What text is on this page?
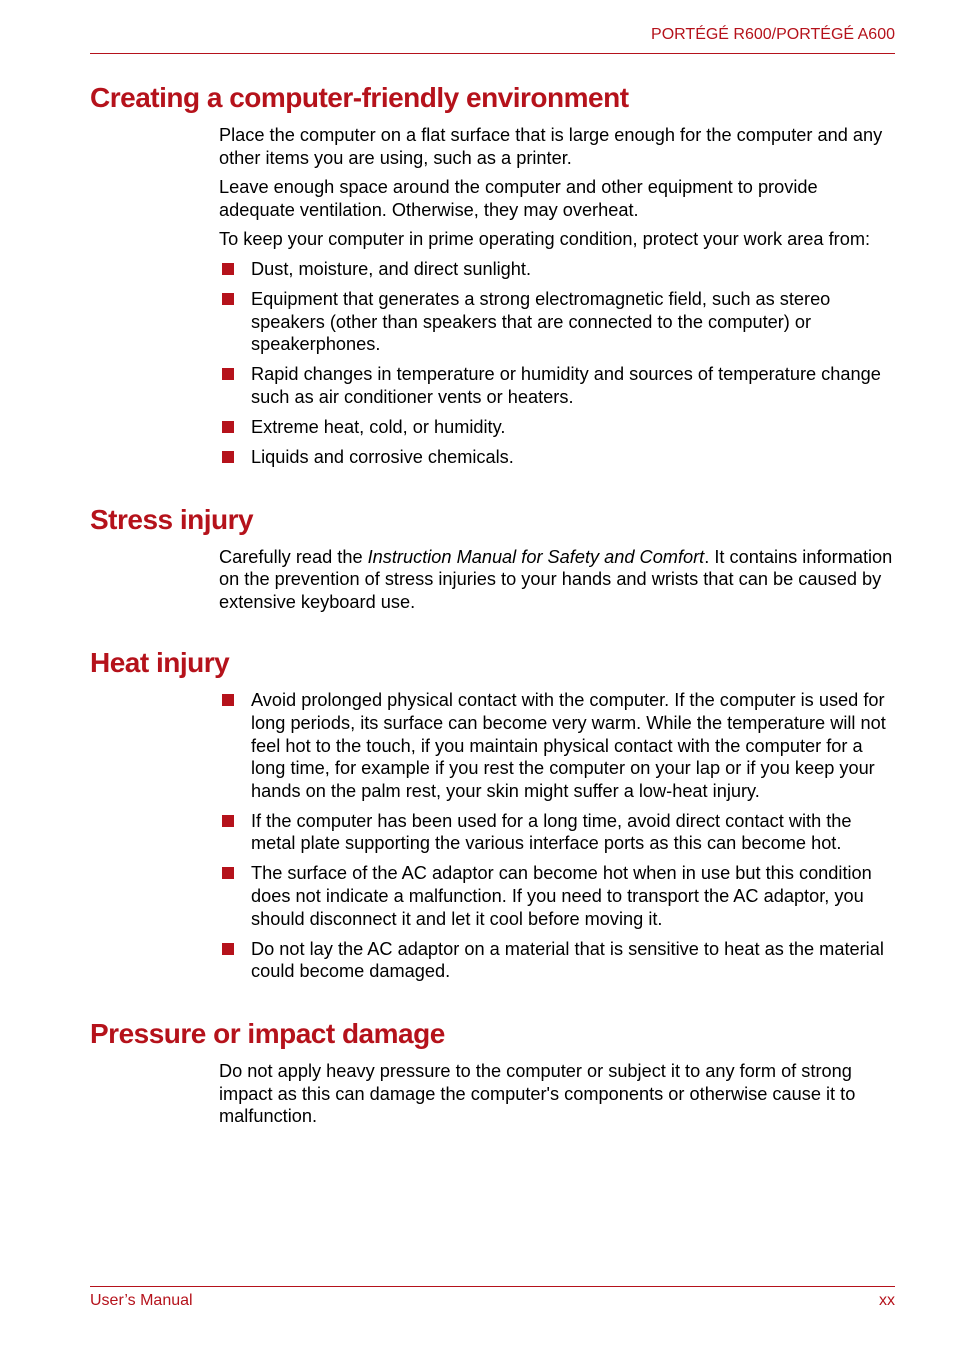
PORTÉGÉ R600/PORTÉGÉ A600
Creating a computer-friendly environment

Place the computer on a flat surface that is large enough for the computer and any other items you are using, such as a printer.

Leave enough space around the computer and other equipment to provide adequate ventilation. Otherwise, they may overheat.

To keep your computer in prime operating condition, protect your work area from:

Dust, moisture, and direct sunlight.
Equipment that generates a strong electromagnetic field, such as stereo speakers (other than speakers that are connected to the computer) or speakerphones.
Rapid changes in temperature or humidity and sources of temperature change such as air conditioner vents or heaters.
Extreme heat, cold, or humidity.
Liquids and corrosive chemicals.
Stress injury

Carefully read the Instruction Manual for Safety and Comfort. It contains information on the prevention of stress injuries to your hands and wrists that can be caused by extensive keyboard use.

Heat injury
Avoid prolonged physical contact with the computer. If the computer is used for long periods, its surface can become very warm. While the temperature will not feel hot to the touch, if you maintain physical contact with the computer for a long time, for example if you rest the computer on your lap or if you keep your hands on the palm rest, your skin might suffer a low-heat injury.
If the computer has been used for a long time, avoid direct contact with the metal plate supporting the various interface ports as this can become hot.
The surface of the AC adaptor can become hot when in use but this condition does not indicate a malfunction. If you need to transport the AC adaptor, you should disconnect it and let it cool before moving it.
Do not lay the AC adaptor on a material that is sensitive to heat as the material could become damaged.
Pressure or impact damage

Do not apply heavy pressure to the computer or subject it to any form of strong impact as this can damage the computer's components or otherwise cause it to malfunction.

User’s Manual	xx
